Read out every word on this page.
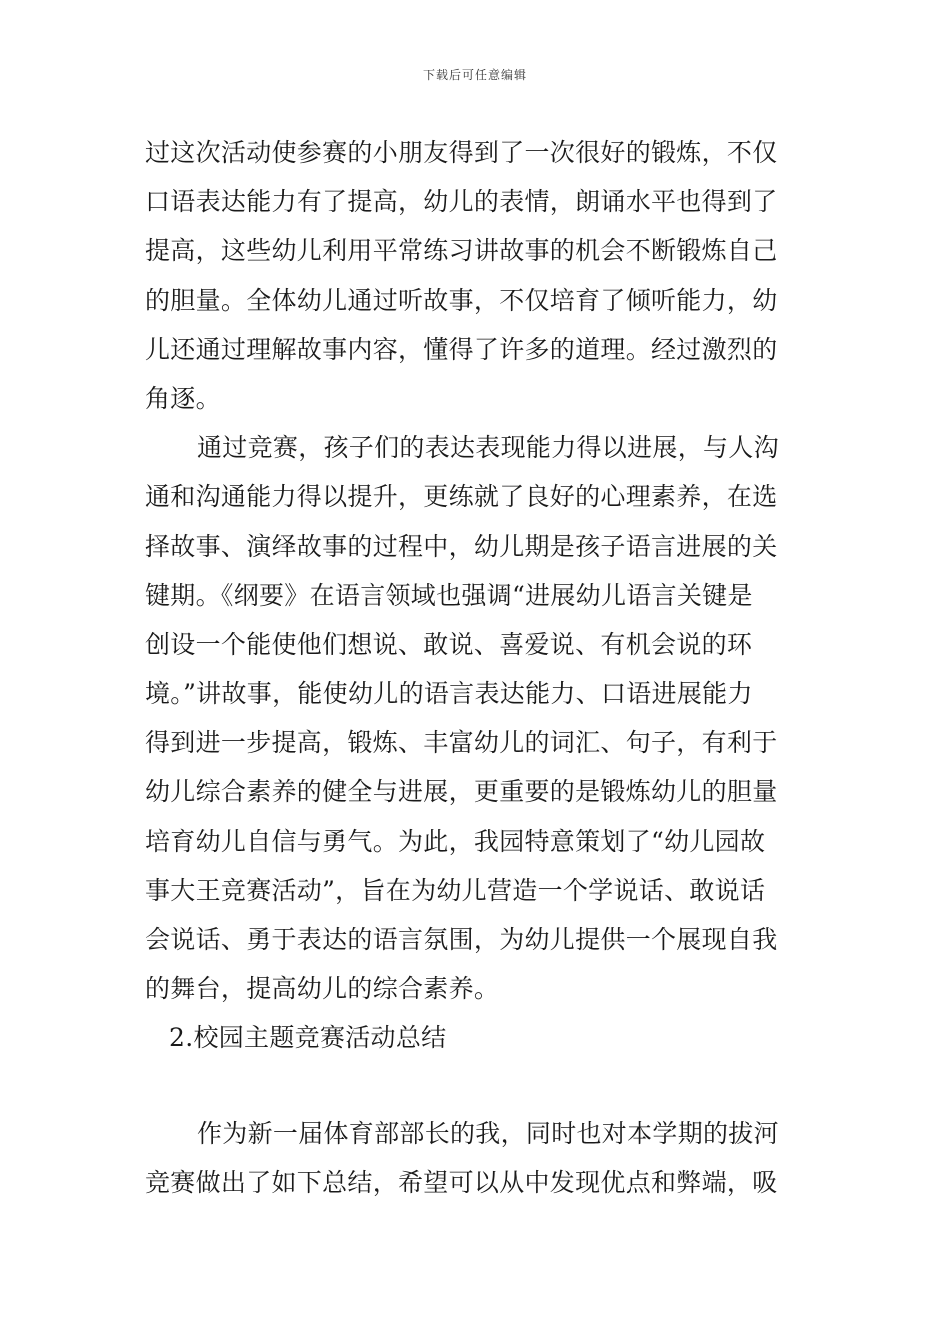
下载后可任意编辑
过这次活动使参赛的小朋友得到了一次很好的锻炼，不仅
口语表达能力有了提高，幼儿的表情，朗诵水平也得到了
提高，这些幼儿利用平常练习讲故事的机会不断锻炼自己
的胆量。全体幼儿通过听故事，不仅培育了倾听能力，幼
儿还通过理解故事内容，懂得了许多的道理。经过激烈的
角逐。
通过竞赛，孩子们的表达表现能力得以进展，与人沟
通和沟通能力得以提升，更练就了良好的心理素养，在选
择故事、演绎故事的过程中，幼儿期是孩子语言进展的关
键期。《纲要》在语言领域也强调“进展幼儿语言关键是
创设一个能使他们想说、敢说、喜爱说、有机会说的环
境。”讲故事，能使幼儿的语言表达能力、口语进展能力
得到进一步提高，锻炼、丰富幼儿的词汇、句子，有利于
幼儿综合素养的健全与进展，更重要的是锻炼幼儿的胆量
培育幼儿自信与勇气。为此，我园特意策划了“幼儿园故
事大王竞赛活动”，旨在为幼儿营造一个学说话、敢说话
会说话、勇于表达的语言氛围，为幼儿提供一个展现自我
的舞台，提高幼儿的综合素养。
2.校园主题竞赛活动总结
作为新一届体育部部长的我，同时也对本学期的拔河
竞赛做出了如下总结，希望可以从中发现优点和弊端，吸
